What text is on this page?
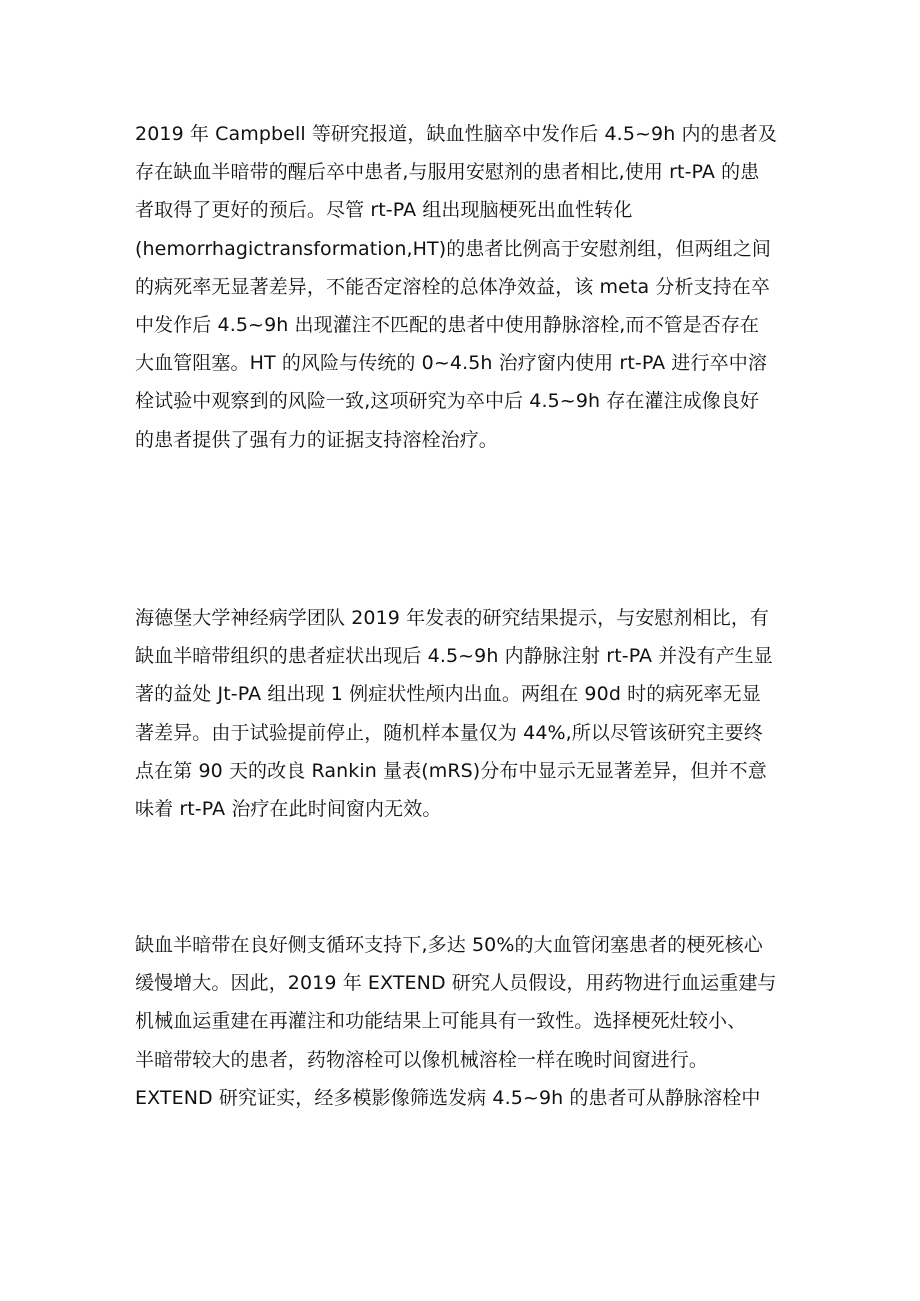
2019 年 Campbell 等研究报道，缺血性脑卒中发作后 4.5~9h 内的患者及
存在缺血半暗带的醒后卒中患者,与服用安慰剂的患者相比,使用 rt-PA 的患
者取得了更好的预后。尽管 rt-PA 组出现脑梗死出血性转化
(hemorrhagictransformation,HT)的患者比例高于安慰剂组，但两组之间
的病死率无显著差异，不能否定溶栓的总体净效益，该 meta 分析支持在卒
中发作后 4.5~9h 出现灌注不匹配的患者中使用静脉溶栓,而不管是否存在
大血管阻塞。HT 的风险与传统的 0~4.5h 治疗窗内使用 rt-PA 进行卒中溶
栓试验中观察到的风险一致,这项研究为卒中后 4.5~9h 存在灌注成像良好
的患者提供了强有力的证据支持溶栓治疗。
海德堡大学神经病学团队 2019 年发表的研究结果提示，与安慰剂相比，有
缺血半暗带组织的患者症状出现后 4.5~9h 内静脉注射 rt-PA 并没有产生显
著的益处 Jt-PA 组出现 1 例症状性颅内出血。两组在 90d 时的病死率无显
著差异。由于试验提前停止，随机样本量仅为 44%,所以尽管该研究主要终
点在第 90 天的改良 Rankin 量表(mRS)分布中显示无显著差异，但并不意
味着 rt-PA 治疗在此时间窗内无效。
缺血半暗带在良好侧支循环支持下,多达 50%的大血管闭塞患者的梗死核心
缓慢增大。因此，2019 年 EXTEND 研究人员假设，用药物进行血运重建与
机械血运重建在再灌注和功能结果上可能具有一致性。选择梗死灶较小、
半暗带较大的患者，药物溶栓可以像机械溶栓一样在晚时间窗进行。
EXTEND 研究证实，经多模影像筛选发病 4.5~9h 的患者可从静脉溶栓中
